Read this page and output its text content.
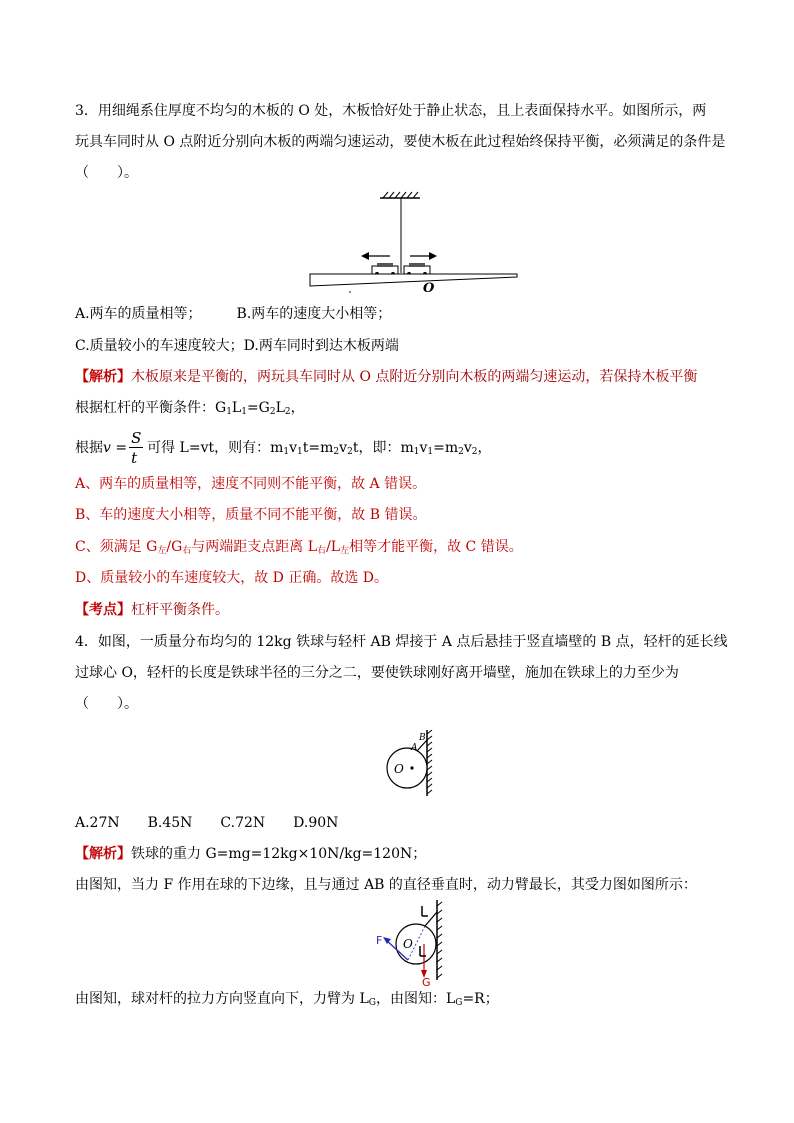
3．用细绳系住厚度不均匀的木板的 O 处，木板恰好处于静止状态，且上表面保持水平。如图所示，两
玩具车同时从 O 点附近分别向木板的两端匀速运动，要使木板在此过程始终保持平衡，必须满足的条件是
（　　）。
O
A.两车的质量相等；　　　B.两车的速度大小相等；
C.质量较小的车速度较大；D.两车同时到达木板两端
【解析】木板原来是平衡的，两玩具车同时从 O 点附近分别向木板的两端匀速运动，若保持木板平衡
根据杠杆的平衡条件：$G_1L_1=G_2L_2$，
根据$v = \frac{S}{t}$ 可得 L=vt，则有：$m_1v_1t=m_2v_2t$，即：$m_1v_1=m_2v_2$，
A、两车的质量相等，速度不同则不能平衡，故 A 错误。
B、车的速度大小相等，质量不同不能平衡，故 B 错误。
C、须满足 $G_左/G_右$与两端距支点距离 $L_右/L_左$相等才能平衡，故 C 错误。
D、质量较小的车速度较大，故 D 正确。故选 D。
【考点】杠杆平衡条件。
4．如图，一质量分布均匀的 12kg 铁球与轻杆 AB 焊接于 A 点后悬挂于竖直墙壁的 B 点，轻杆的延长线
过球心 O，轻杆的长度是铁球半径的三分之二，要使铁球刚好离开墙壁，施加在铁球上的力至少为
（　　）。
O
A
B
A.27N　　B.45N　　C.72N　　D.90N
【解析】铁球的重力 G=mg=12kg×10N/kg=120N；
由图知，当力 F 作用在球的下边缘，且与通过 AB 的直径垂直时，动力臂最长，其受力图如图所示：
F
G
O
由图知，球对杆的拉力方向竖直向下，力臂为 $L_G$，由图知：$L_G=R$；
